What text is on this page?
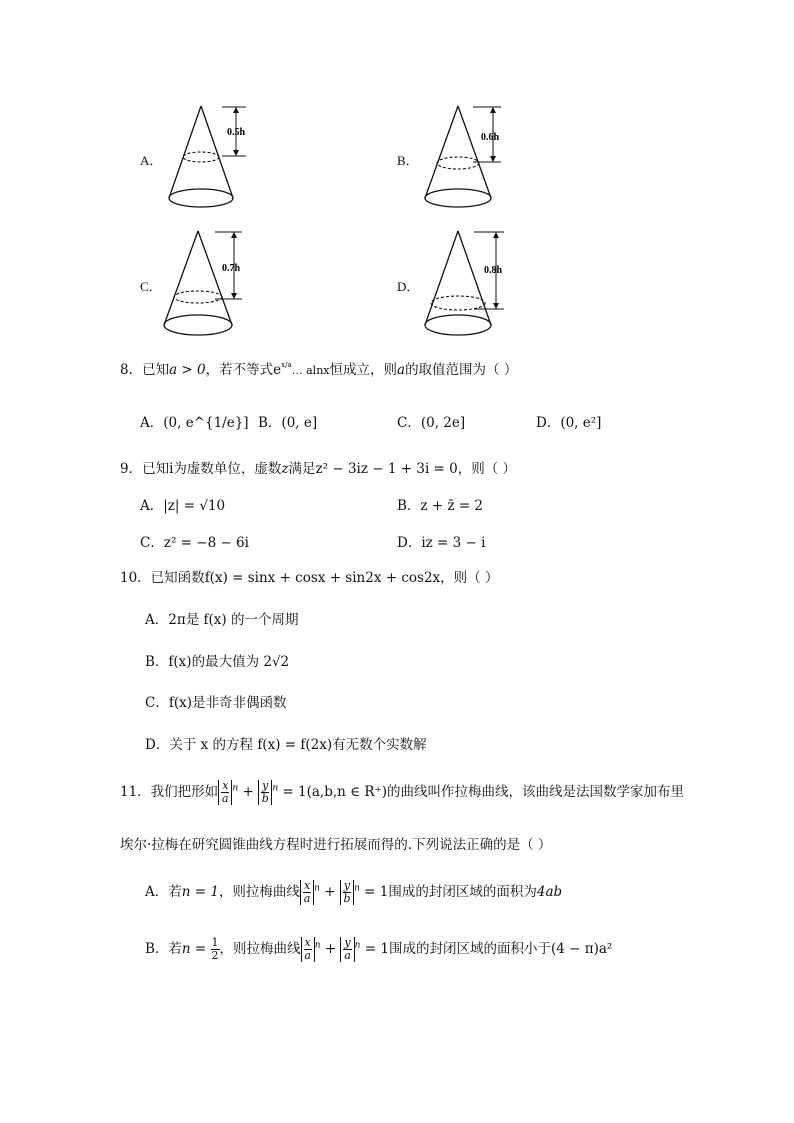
A．
0.5h
B．
0.6h
C．
0.7h
D．
0.8h
8．已知a > 0，若不等式$e^{x/a}\dots$ alnx恒成立，则a的取值范围为（ ）
A．(0, e^{1/e}] B．(0, e]	C．(0, 2e]	D．(0, e²]
9．已知i为虚数单位，虚数z满足z² − 3iz − 1 + 3i = 0，则（ ）
A．|z| = √10	B．z + z̄ = 2
C．z² = −8 − 6i	D．iz = 3 − i
10．已知函数f(x) = sinx + cosx + sin2x + cos2x，则（ ）
A．2π是 f(x) 的一个周期
B．f(x)的最大值为 2√2
C．f(x)是非奇非偶函数
D．关于 x 的方程 f(x) = f(2x)有无数个实数解
11．我们把形如 $\frac{x}{a} ^n + \frac{y}{b} ^n = 1(a,b,n$ ∈ R⁺)的曲线叫作拉梅曲线，该曲线是法国数学家加布里
埃尔·拉梅在研究圆锥曲线方程时进行拓展而得的.下列说法正确的是（ ）
A．若n = 1，则拉梅曲线 $\frac{x}{a} ^n + \frac{y}{b} ^n = 1$围成的封闭区域的面积为4ab
B．若$n = \frac{1}{2}$ ，则拉梅曲线 $\frac{x}{a} ^n + \frac{y}{a} ^n = 1$围成的封闭区域的面积小于(4 − π)a²
